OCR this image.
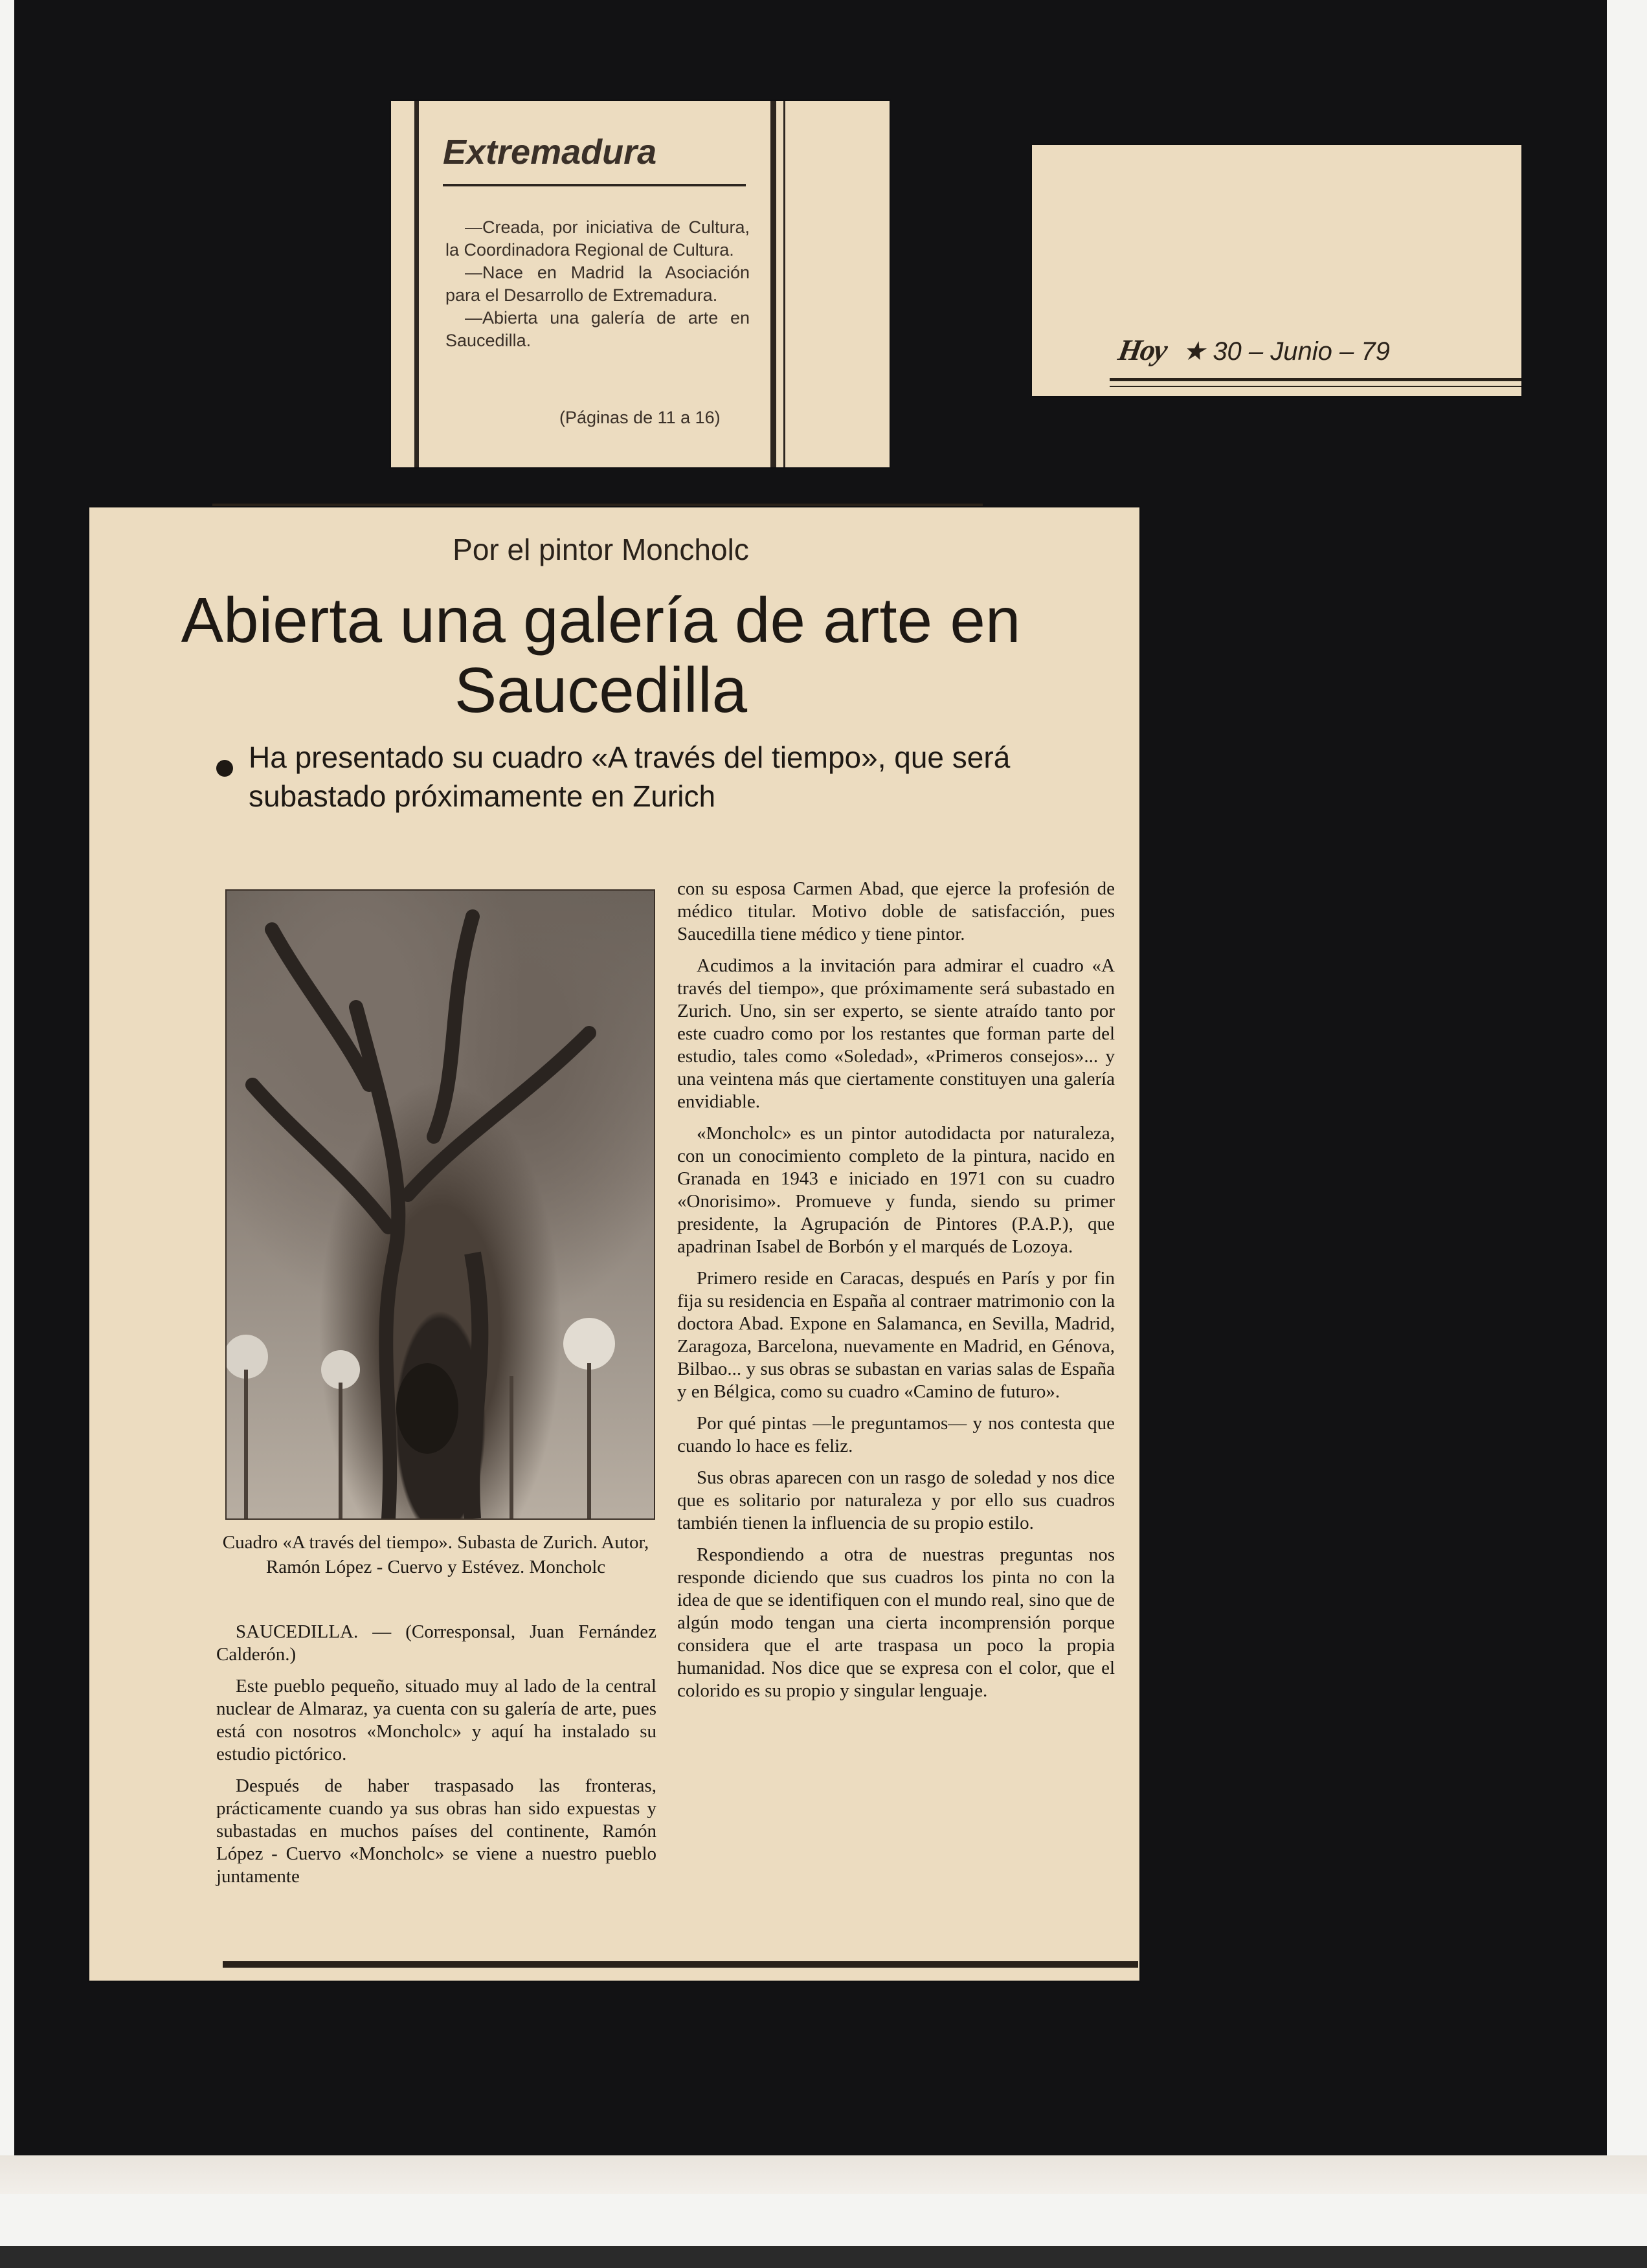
Extremadura

—Creada, por iniciativa de Cultura, la Coordinadora Regional de Cultura.

—Nace en Madrid la Asociación para el Desarrollo de Extremadura.

—Abierta una galería de arte en Saucedilla.

(Páginas de 11 a 16)
Hoy ★ 30 – Junio – 79
Por el pintor Moncholc
Abierta una galería de arte en Saucedilla
Ha presentado su cuadro «A través del tiempo», que será subastado próximamente en Zurich
Cuadro «A través del tiempo». Subasta de Zurich. Autor, Ramón López - Cuervo y Estévez. Moncholc

SAUCEDILLA. — (Corresponsal, Juan Fernández Calderón.)

Este pueblo pequeño, situado muy al lado de la central nuclear de Almaraz, ya cuenta con su galería de arte, pues está con nosotros «Moncholc» y aquí ha instalado su estudio pictórico.

Después de haber traspasado las fronteras, prácticamente cuando ya sus obras han sido expuestas y subastadas en muchos países del continente, Ramón López - Cuervo «Moncholc» se viene a nuestro pueblo juntamente

con su esposa Carmen Abad, que ejerce la profesión de médico titular. Motivo doble de satisfacción, pues Saucedilla tiene médico y tiene pintor.

Acudimos a la invitación para admirar el cuadro «A través del tiempo», que próximamente será subastado en Zurich. Uno, sin ser experto, se siente atraído tanto por este cuadro como por los restantes que forman parte del estudio, tales como «Soledad», «Primeros consejos»... y una veintena más que ciertamente constituyen una galería envidiable.

«Moncholc» es un pintor autodidacta por naturaleza, con un conocimiento completo de la pintura, nacido en Granada en 1943 e iniciado en 1971 con su cuadro «Onorisimo». Promueve y funda, siendo su primer presidente, la Agrupación de Pintores (P.A.P.), que apadrinan Isabel de Borbón y el marqués de Lozoya.

Primero reside en Caracas, después en París y por fin fija su residencia en España al contraer matrimonio con la doctora Abad. Expone en Salamanca, en Sevilla, Madrid, Zaragoza, Barcelona, nuevamente en Madrid, en Génova, Bilbao... y sus obras se subastan en varias salas de España y en Bélgica, como su cuadro «Camino de futuro».

Por qué pintas —le preguntamos— y nos contesta que cuando lo hace es feliz.

Sus obras aparecen con un rasgo de soledad y nos dice que es solitario por naturaleza y por ello sus cuadros también tienen la influencia de su propio estilo.

Respondiendo a otra de nuestras preguntas nos responde diciendo que sus cuadros los pinta no con la idea de que se identifiquen con el mundo real, sino que de algún modo tengan una cierta incomprensión porque considera que el arte traspasa un poco la propia humanidad. Nos dice que se expresa con el color, que el colorido es su propio y singular lenguaje.
